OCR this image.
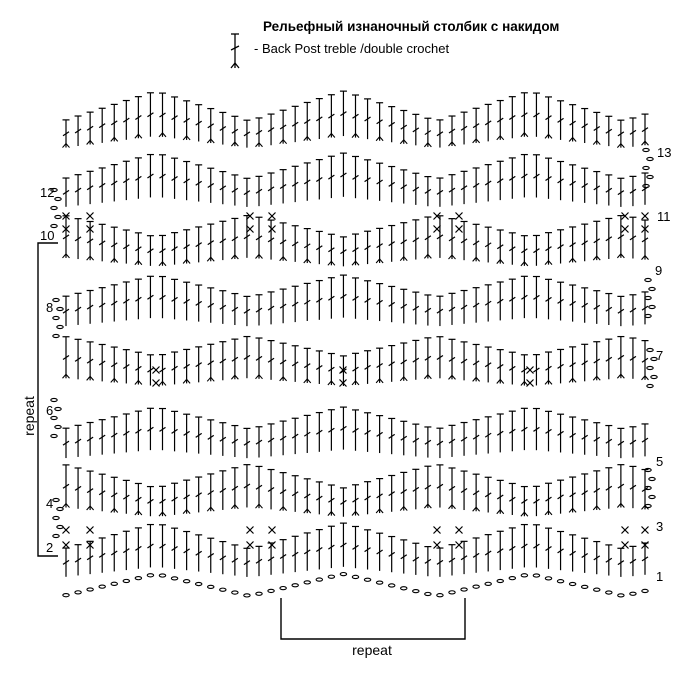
Рельефный изнаночный столбик с накидом
- Back Post treble /double crochet
repeat
repeat
12
10
8
6
4
2
13
11
9
7
5
3
1
